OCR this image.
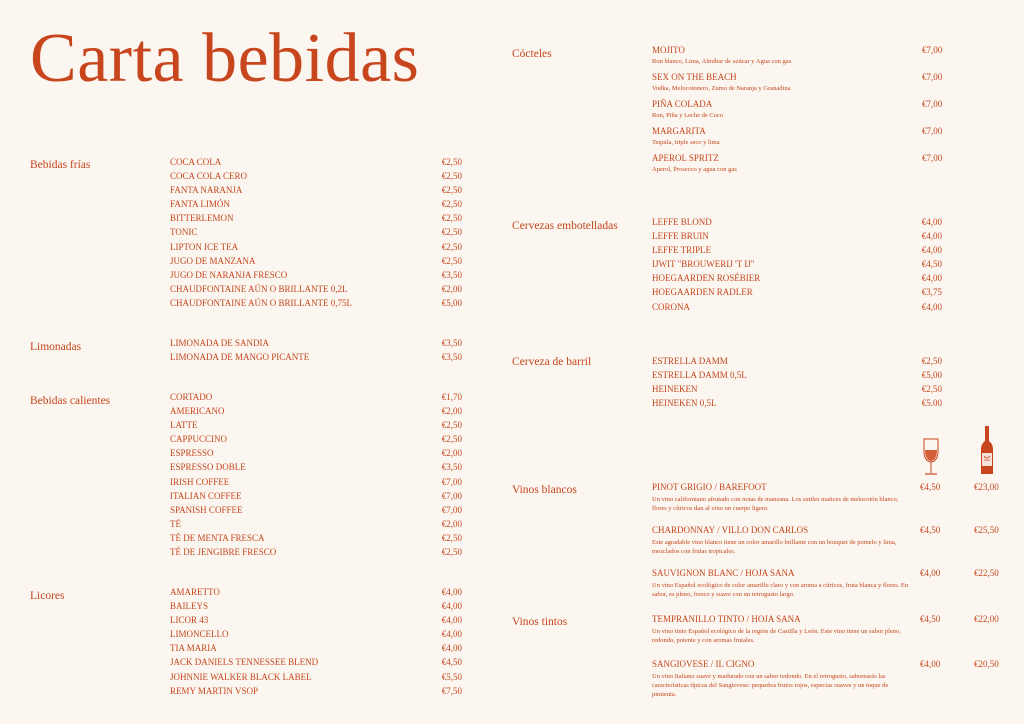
Carta bebidas
Bebidas frías	COCA COLA	€2,50
COCA COLA CERO	€2,50
FANTA NARANJA	€2,50
FANTA LIMÓN	€2,50
BITTERLEMON	€2,50
TONIC	€2,50
LIPTON ICE TEA	€2,50
JUGO DE MANZANA	€2,50
JUGO DE NARANJA FRESCO	€3,50
CHAUDFONTAINE AÚN O BRILLANTE 0,2L	€2,00
CHAUDFONTAINE AÚN O BRILLANTE 0,75L	€5,00
Limonadas	LIMONADA DE SANDIA	€3,50
LIMONADA DE MANGO PICANTE	€3,50
Bebidas calientes	CORTADO	€1,70
AMERICANO	€2,00
LATTE	€2,50
CAPPUCCINO	€2,50
ESPRESSO	€2,00
ESPRESSO DOBLE	€3,50
IRISH COFFEE	€7,00
ITALIAN COFFEE	€7,00
SPANISH COFFEE	€7,00
TÉ	€2,00
TÉ DE MENTA FRESCA	€2,50
TÉ DE JENGIBRE FRESCO	€2,50
Licores	AMARETTO	€4,00
BAILEYS	€4,00
LICOR 43	€4,00
LIMONCELLO	€4,00
TIA MARIA	€4,00
JACK DANIELS TENNESSEE BLEND	€4,50
JOHNNIE WALKER BLACK LABEL	€5,50
REMY MARTIN VSOP	€7,50
Cócteles	MOJITO	€7,00
Ron blanco, Lima, Almíbar de azúcar y Agua con gas
SEX ON THE BEACH	€7,00
Vodka, Melocotonero, Zumo de Naranja y Granadina
PIÑA COLADA	€7,00
Ron, Piña y Leche de Coco
MARGARITA	€7,00
Tequila, triple seco y lima
APEROL SPRITZ	€7,00
Aperol, Prosecco y agua con gas
Cervezas embotelladas	LEFFE BLOND	€4,00
LEFFE BRUIN	€4,00
LEFFE TRIPLE	€4,00
IJWIT "BROUWERIJ 'T IJ"	€4,50
HOEGAARDEN ROSÉBIER	€4,00
HOEGAARDEN RADLER	€3,75
CORONA	€4,00
Cerveza de barril	ESTRELLA DAMM	€2,50
ESTRELLA DAMM 0,5L	€5,00
HEINEKEN	€2,50
HEINEKEN 0,5L	€5.00
Vinos blancos	PINOT GRIGIO / BAREFOOT	€4,50	€23,00
Un vino californiano afrutado con notas de manzana. Los sutiles matices de melocotón blanco, flores y cítricos dan al vino un cuerpo ligero.
CHARDONNAY / VILLO DON CARLOS	€4,50	€25,50
Este agradable vino blanco tiene un color amarillo brillante con un bouquet de pomelo y lima, mezclados con frutas tropicales.
SAUVIGNON BLANC / HOJA SANA	€4,00	€22,50
Un vino Español ecológico de color amarillo claro y con aroma a cítricos, fruta blanca y flores. En sabor, es pleno, fresco y suave con un retrogusto largo.
Vinos tintos	TEMPRANILLO TINTO / HOJA SANA	€4,50	€22,00
Un vino tinto Español ecológico de la región de Castilla y León. Este vino tiene un sabor pleno, redondo, potente y con aromas frutales.
SANGIOVESE / IL CIGNO	€4,00	€20,50
Un vino Italiano suave y madurado con un sabor redondo. En el retrogusto, saborearás las características típicas del Sangiovese: pequeños frutos rojos, especias suaves y un toque de pimienta.
